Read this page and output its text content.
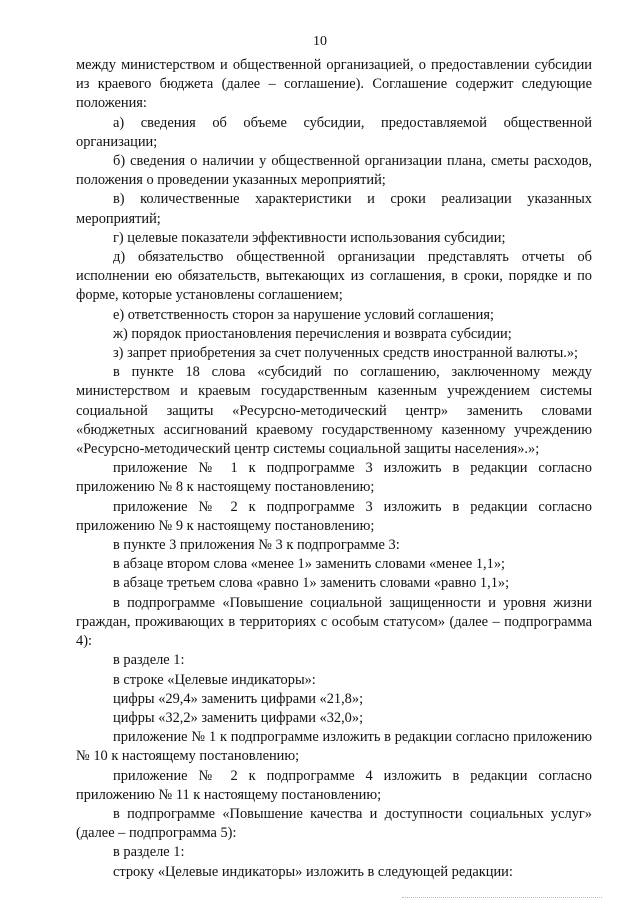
10

между министерством и общественной организацией, о предоставлении субсидии из краевого бюджета (далее – соглашение). Соглашение содержит следующие положения:

а) сведения об объеме субсидии, предоставляемой общественной организации;

б) сведения о наличии у общественной организации плана, сметы расходов, положения о проведении указанных мероприятий;

в) количественные характеристики и сроки реализации указанных мероприятий;

г) целевые показатели эффективности использования субсидии;

д) обязательство общественной организации представлять отчеты об исполнении ею обязательств, вытекающих из соглашения, в сроки, порядке и по форме, которые установлены соглашением;

е) ответственность сторон за нарушение условий соглашения;

ж) порядок приостановления перечисления и возврата субсидии;

з) запрет приобретения за счет полученных средств иностранной валюты.»;

в пункте 18 слова «субсидий по соглашению, заключенному между министерством и краевым государственным казенным учреждением системы социальной защиты «Ресурсно-методический центр» заменить словами «бюджетных ассигнований краевому государственному казенному учреждению «Ресурсно-методический центр системы социальной защиты населения».»;

приложение № 1 к подпрограмме 3 изложить в редакции согласно приложению № 8 к настоящему постановлению;

приложение № 2 к подпрограмме 3 изложить в редакции согласно приложению № 9 к настоящему постановлению;

в пункте 3 приложения № 3 к подпрограмме 3:

в абзаце втором слова «менее 1» заменить словами «менее 1,1»;

в абзаце третьем слова «равно 1» заменить словами «равно 1,1»;

в подпрограмме «Повышение социальной защищенности и уровня жизни граждан, проживающих в территориях с особым статусом» (далее – подпрограмма 4):

в разделе 1:

в строке «Целевые индикаторы»:

цифры «29,4» заменить цифрами «21,8»;

цифры «32,2» заменить цифрами «32,0»;

приложение № 1 к подпрограмме изложить в редакции согласно приложению № 10 к настоящему постановлению;

приложение № 2 к подпрограмме 4 изложить в редакции согласно приложению № 11 к настоящему постановлению;

в подпрограмме «Повышение качества и доступности социальных услуг» (далее – подпрограмма 5):

в разделе 1:

строку «Целевые индикаторы» изложить в следующей редакции:
